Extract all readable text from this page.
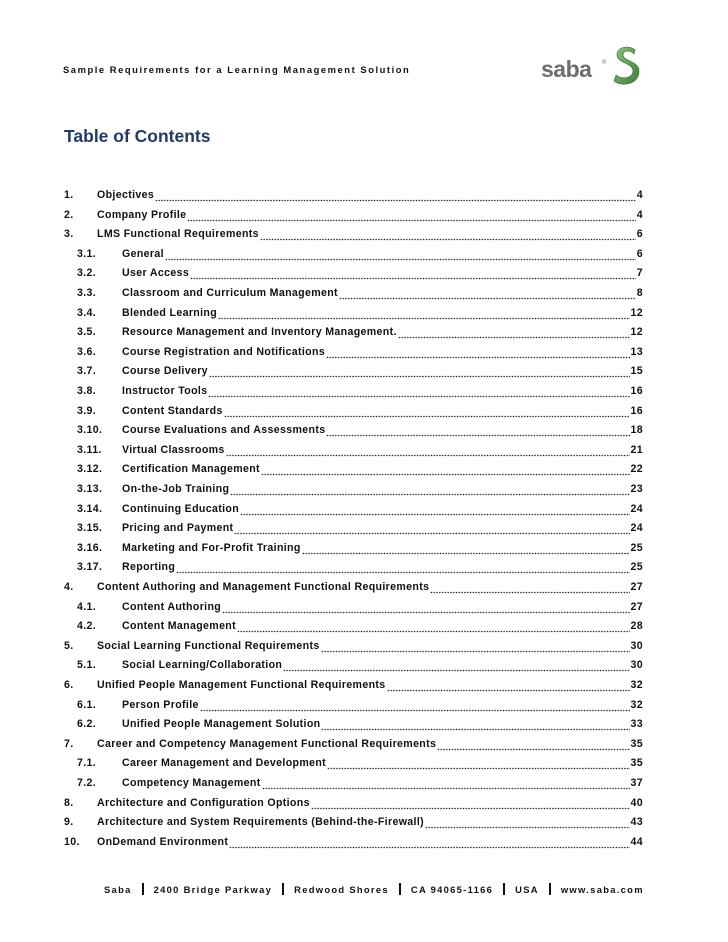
Sample Requirements for a Learning Management Solution	saba ®
Table of Contents
1.	Objectives	4
2.	Company Profile	4
3.	LMS Functional Requirements	6
3.1.	General	6
3.2.	User Access	7
3.3.	Classroom and Curriculum Management	8
3.4.	Blended Learning	12
3.5.	Resource Management and Inventory Management.	12
3.6.	Course Registration and Notifications	13
3.7.	Course Delivery	15
3.8.	Instructor Tools	16
3.9.	Content Standards	16
3.10.	Course Evaluations and Assessments	18
3.11.	Virtual Classrooms	21
3.12.	Certification Management	22
3.13.	On-the-Job Training	23
3.14.	Continuing Education	24
3.15.	Pricing and Payment	24
3.16.	Marketing and For-Profit Training	25
3.17.	Reporting	25
4.	Content Authoring and Management Functional Requirements	27
4.1.	Content Authoring	27
4.2.	Content Management	28
5.	Social Learning Functional Requirements	30
5.1.	Social Learning/Collaboration	30
6.	Unified People Management Functional Requirements	32
6.1.	Person Profile	32
6.2.	Unified People Management Solution	33
7.	Career and Competency Management Functional Requirements	35
7.1.	Career Management and Development	35
7.2.	Competency Management	37
8.	Architecture and Configuration Options	40
9.	Architecture and System Requirements (Behind-the-Firewall)	43
10.	OnDemand Environment	44
Saba 2400 Bridge Parkway Redwood Shores CA 94065-1166 USA www.saba.com
